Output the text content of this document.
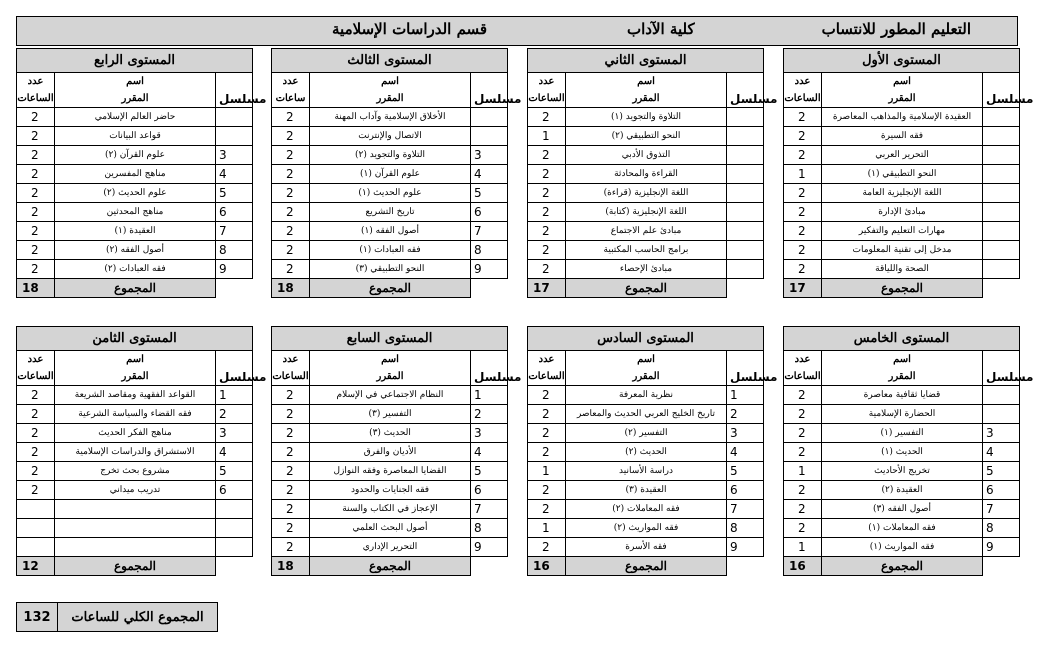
التعليم المطور للانتساب
كلية الآداب
قسم الدراسات الإسلامية
المستوى الأول		
عدد	اسم	
الساعات	المقرر	مسلسل
2	العقيدة الإسلامية والمذاهب المعاصرة	
2	فقه السيرة	
2	التحرير العربي	
1	النحو التطبيقي (١)	
2	اللغة الإنجليزية العامة	
2	مبادئ الإدارة	
2	مهارات التعليم والتفكير	
2	مدخل إلى تقنية المعلومات	
2	الصحة واللياقة	
17	المجموع	
المستوى الثاني		
عدد	اسم	
الساعات	المقرر	مسلسل
2	التلاوة والتجويد (١)	
1	النحو التطبيقي (٢)	
2	التذوق الأدبي	
2	القراءة والمحادثة	
2	اللغة الإنجليزية (قراءة)	
2	اللغة الإنجليزية (كتابة)	
2	مبادئ علم الاجتماع	
2	برامج الحاسب المكتبية	
2	مبادئ الإحصاء	
17	المجموع	
المستوى الثالث		
عدد	اسم	
ساعات	المقرر	مسلسل
2	الأخلاق الإسلامية وآداب المهنة	
2	الاتصال والإنترنت	
2	التلاوة والتجويد (٢)	3
2	علوم القرآن (١)	4
2	علوم الحديث (١)	5
2	تاريخ التشريع	6
2	أصول الفقه (١)	7
2	فقه العبادات (١)	8
2	النحو التطبيقي (٣)	9
18	المجموع	
المستوى الرابع		
عدد	اسم	
الساعات	المقرر	مسلسل
2	حاضر العالم الإسلامي	
2	قواعد البيانات	
2	علوم القرآن (٢)	3
2	مناهج المفسرين	4
2	علوم الحديث (٢)	5
2	مناهج المحدثين	6
2	العقيدة (١)	7
2	أصول الفقه (٢)	8
2	فقه العبادات (٢)	9
18	المجموع	
المستوى الخامس		
عدد	اسم	
الساعات	المقرر	مسلسل
2	قضايا ثقافية معاصرة	
2	الحضارة الإسلامية	
2	التفسير (١)	3
2	الحديث (١)	4
1	تخريج الأحاديث	5
2	العقيدة (٢)	6
2	أصول الفقه (٣)	7
2	فقه المعاملات (١)	8
1	فقه المواريث (١)	9
16	المجموع	
المستوى السادس		
عدد	اسم	
الساعات	المقرر	مسلسل
2	نظرية المعرفة	1
2	تاريخ الخليج العربي الحديث والمعاصر	2
2	التفسير (٢)	3
2	الحديث (٢)	4
1	دراسة الأسانيد	5
2	العقيدة (٣)	6
2	فقه المعاملات (٢)	7
1	فقه المواريث (٢)	8
2	فقه الأسرة	9
16	المجموع	
المستوى السابع		
عدد	اسم	
الساعات	المقرر	مسلسل
2	النظام الاجتماعي في الإسلام	1
2	التفسير (٣)	2
2	الحديث (٣)	3
2	الأديان والفرق	4
2	القضايا المعاصرة وفقه النوازل	5
2	فقه الجنايات والحدود	6
2	الإعجاز في الكتاب والسنة	7
2	أصول البحث العلمي	8
2	التحرير الإداري	9
18	المجموع	
المستوى الثامن		
عدد	اسم	
الساعات	المقرر	مسلسل
2	القواعد الفقهية ومقاصد الشريعة	1
2	فقه القضاء والسياسة الشرعية	2
2	مناهج الفكر الحديث	3
2	الاستشراق والدراسات الإسلامية	4
2	مشروع بحث تخرج	5
2	تدريب ميداني	6

12	المجموع	
132	المجموع الكلي للساعات
